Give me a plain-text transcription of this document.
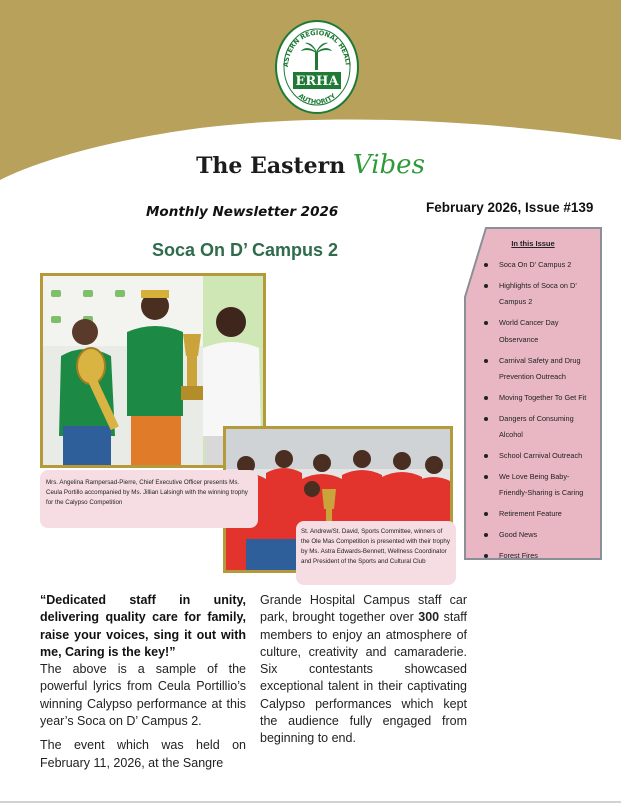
ASTERN REGIONAL HEALT
ERHA
AUTHORITY
The Eastern Vibes
Monthly Newsletter 2026	February 2026, Issue #139
Soca On D’ Campus 2
Mrs. Angelina Rampersad-Pierre, Chief Executive Officer presents Ms. Ceula Portillo accompanied by Ms. Jillian Lalsingh with the winning trophy for the Calypso Competition
St. Andrew/St. David, Sports Committee, winners of the Ole Mas Competition is presented with their trophy by Ms. Astra Edwards-Bennett, Wellness Coordinator and President of the Sports and Cultural Club
In this Issue
Soca On D’ Campus 2
Highlights of Soca on D’ Campus 2
World Cancer Day Observance
Carnival Safety and Drug Prevention Outreach
Moving Together To Get Fit
Dangers of Consuming Alcohol
School Carnival Outreach
We Love Being Baby-Friendly-Sharing is Caring
Retirement Feature
Good News
Forest Fires
“Dedicated staff in unity, delivering quality care for family, raise your voices, sing it out with me, Caring is the key!”
The above is a sample of the powerful lyrics from Ceula Portillio’s winning Calypso performance at this year’s Soca on D’ Campus 2.
The event which was held on February 11, 2026, at the Sangre
Grande Hospital Campus staff car park, brought together over 300 staff members to enjoy an atmosphere of culture, creativity and camaraderie. Six contestants showcased exceptional talent in their captivating Calypso performances which kept the audience fully engaged from beginning to end.
